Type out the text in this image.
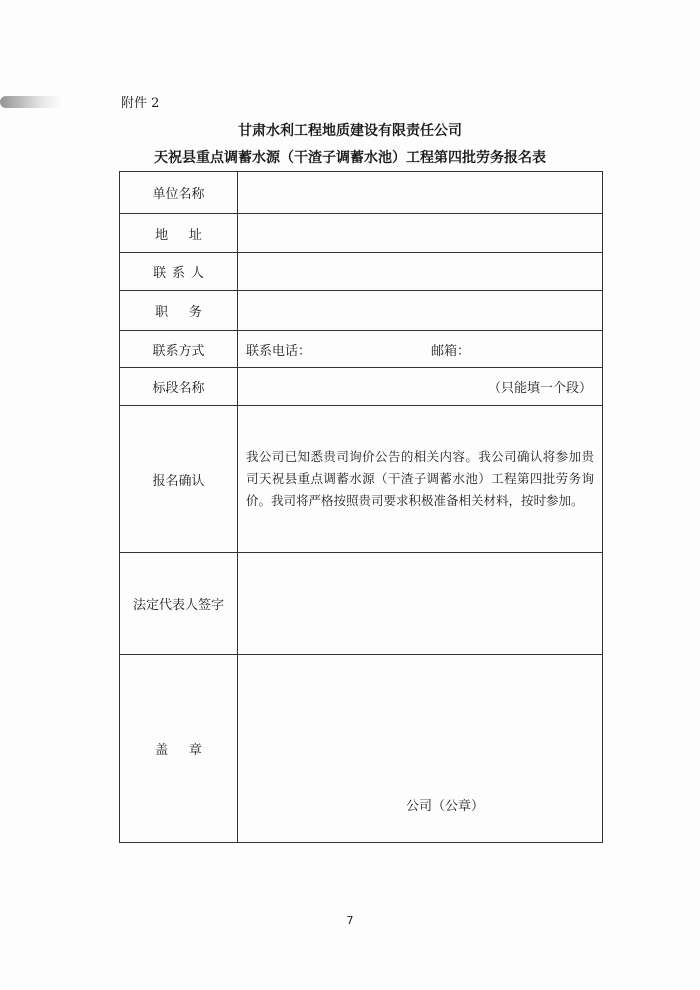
附件 2
甘肃水利工程地质建设有限责任公司
天祝县重点调蓄水源（干渣子调蓄水池）工程第四批劳务报名表
单位名称	
地址	
联系人	
职务	
联系方式	联系电话： 邮箱：
标段名称	（只能填一个段）

报名确认	我公司已知悉贵司询价公告的相关内容。我公司确认将参加贵司天祝县重点调蓄水源（干渣子调蓄水池）工程第四批劳务询价。我司将严格按照贵司要求积极准备相关材料，按时参加。

法定代表人签字	
盖章	公司（公章）
7
